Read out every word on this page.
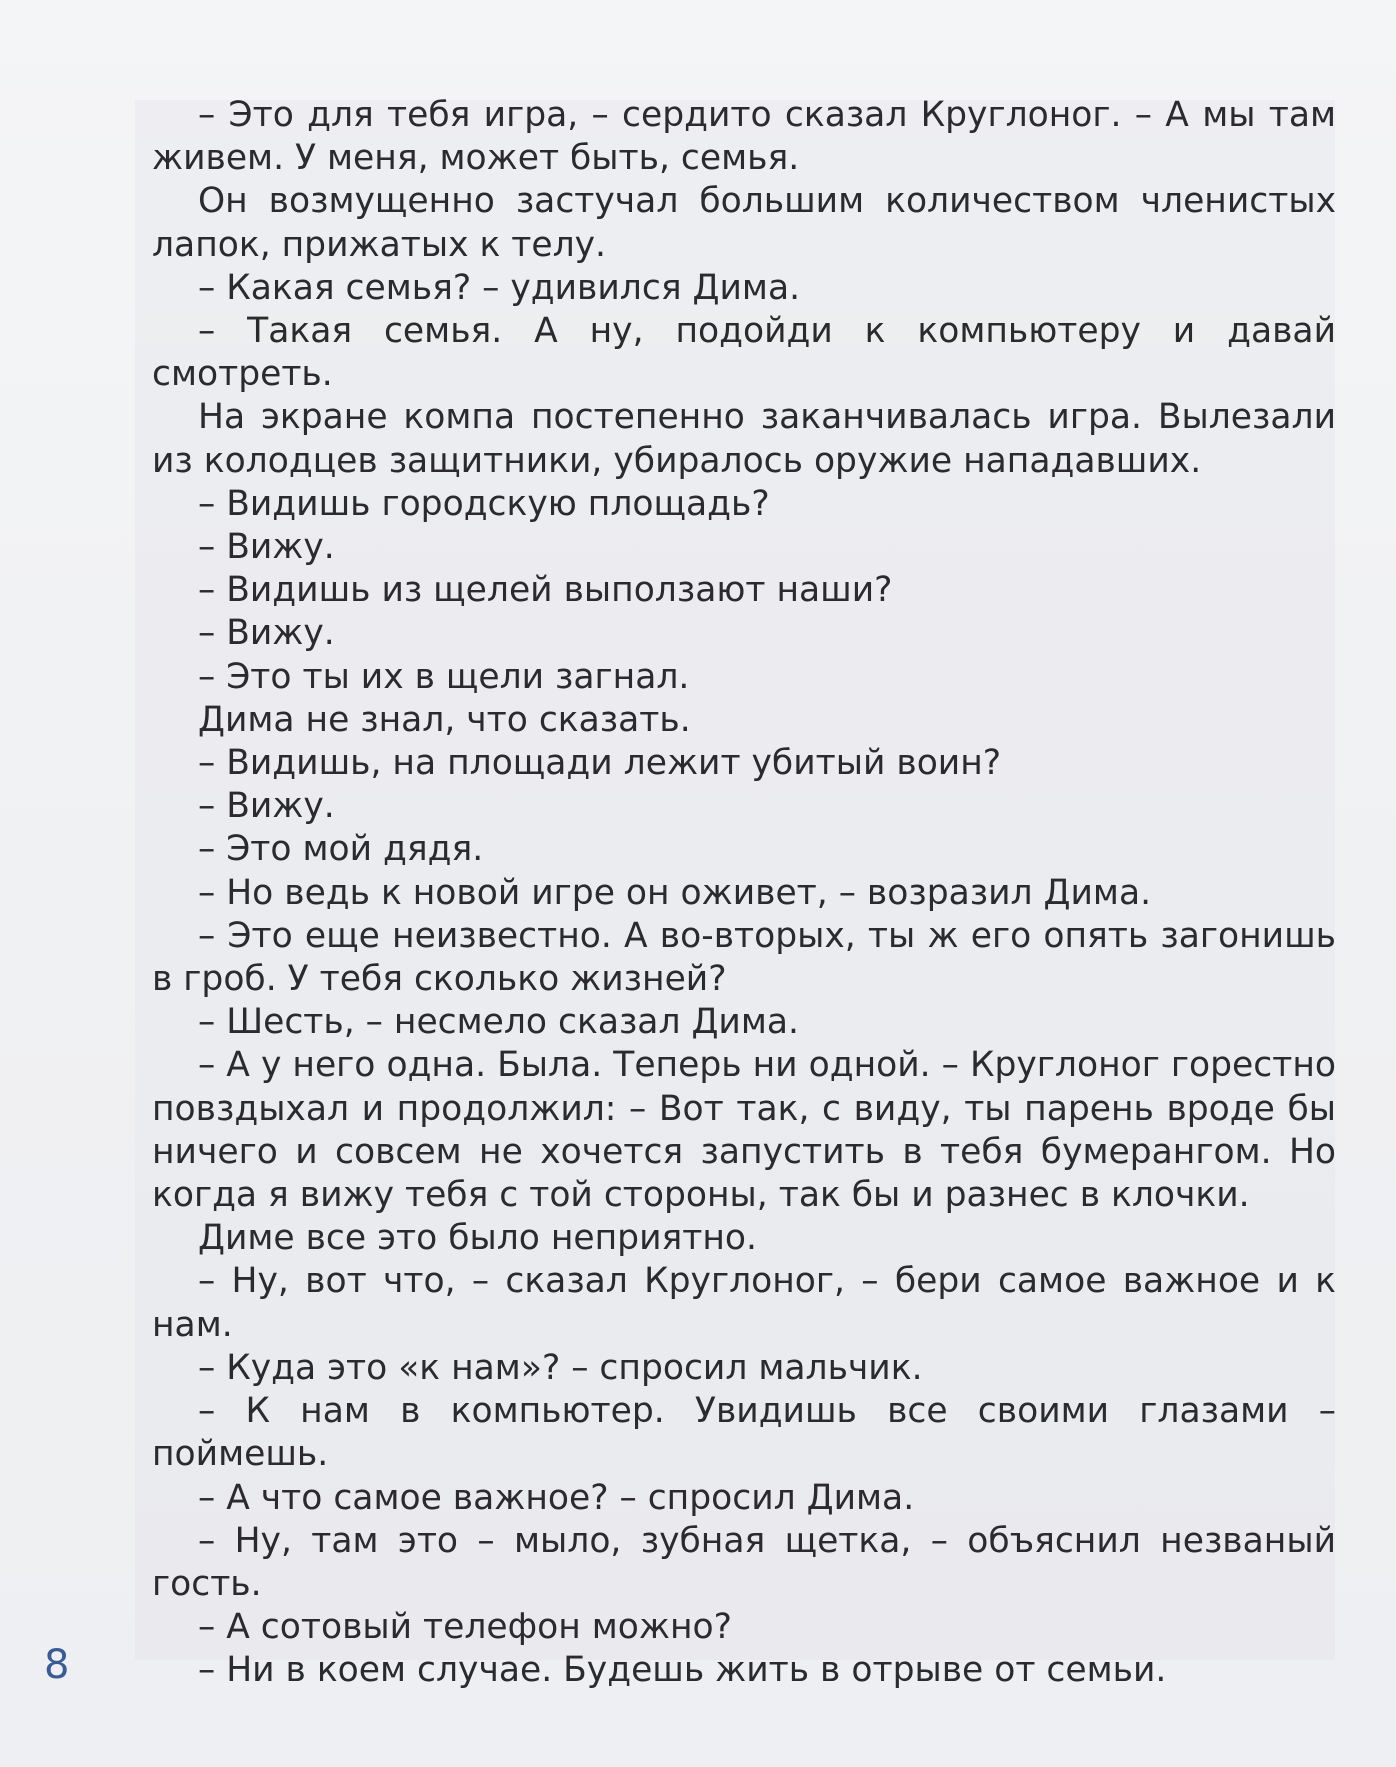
– Это для тебя игра, – сердито сказал Круглоног. – А мы там живем. У меня, может быть, семья.

Он возмущенно застучал большим количеством членистых лапок, прижатых к телу.

– Какая семья? – удивился Дима.

– Такая семья. А ну, подойди к компьютеру и давай смотреть.

На экране компа постепенно заканчивалась игра. Вылезали из колодцев защитники, убиралось оружие нападавших.

– Видишь городскую площадь?

– Вижу.

– Видишь из щелей выползают наши?

– Вижу.

– Это ты их в щели загнал.

Дима не знал, что сказать.

– Видишь, на площади лежит убитый воин?

– Вижу.

– Это мой дядя.

– Но ведь к новой игре он оживет, – возразил Дима.

– Это еще неизвестно. А во-вторых, ты ж его опять загонишь в гроб. У тебя сколько жизней?

– Шесть, – несмело сказал Дима.

– А у него одна. Была. Теперь ни одной. – Круглоног горестно повздыхал и продолжил: – Вот так, с виду, ты парень вроде бы ничего и совсем не хочется запустить в тебя бумерангом. Но когда я вижу тебя с той стороны, так бы и разнес в клочки.

Диме все это было неприятно.

– Ну, вот что, – сказал Круглоног, – бери самое важное и к нам.

– Куда это «к нам»? – спросил мальчик.

– К нам в компьютер. Увидишь все своими глазами – поймешь.

– А что самое важное? – спросил Дима.

– Ну, там это – мыло, зубная щетка, – объяснил незваный гость.

– А сотовый телефон можно?

– Ни в коем случае. Будешь жить в отрыве от семьи.

8
